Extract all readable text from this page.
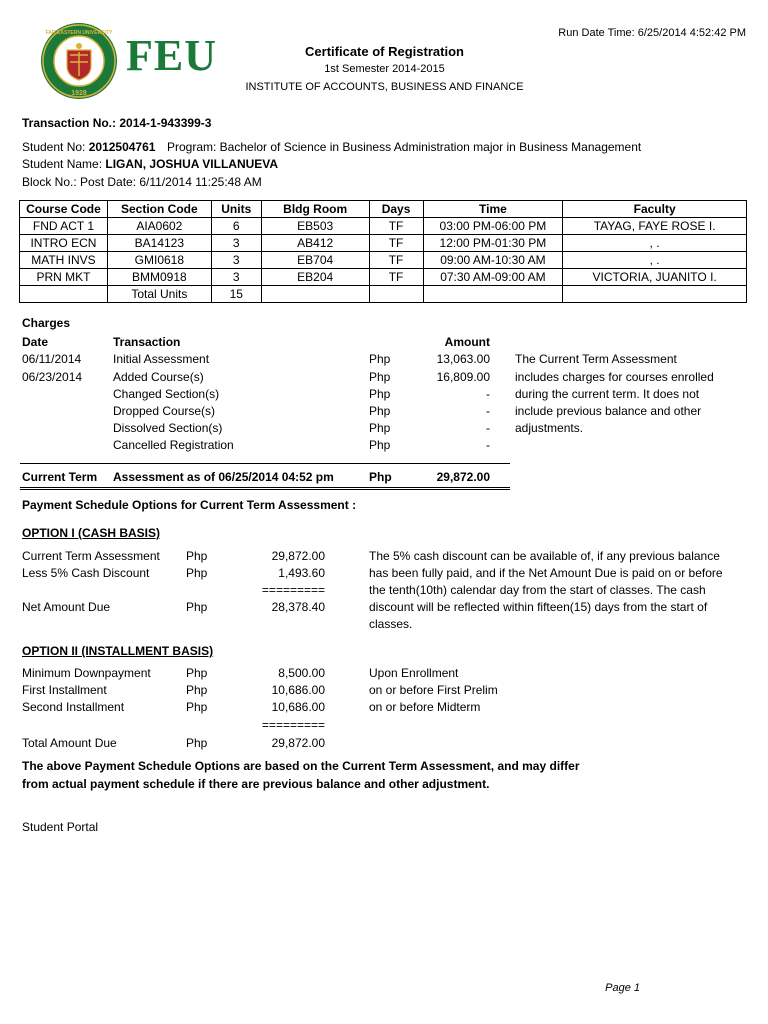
1928
FAR EASTERN UNIVERSITY FEU	Certificate of Registration
1st Semester 2014-2015
INSTITUTE OF ACCOUNTS, BUSINESS AND FINANCE
Run Date Time: 6/25/2014 4:52:42 PM
Transaction No.: 2014-1-943399-3
Student No: 2012504761 Program: Bachelor of Science in Business Administration major in Business Management
Student Name: LIGAN, JOSHUA VILLANUEVA
Block No.: Post Date: 6/11/2014 11:25:48 AM
Course Code	Section Code	Units	Bldg Room	Days	Time	Faculty
FND ACT 1	AIA0602	6	EB503	TF	03:00 PM-06:00 PM	TAYAG, FAYE ROSE I.
INTRO ECN	BA14123	3	AB412	TF	12:00 PM-01:30 PM	, .
MATH INVS	GMI0618	3	EB704	TF	09:00 AM-10:30 AM	, .
PRN MKT	BMM0918	3	EB204	TF	07:30 AM-09:00 AM	VICTORIA, JUANITO I.
	Total Units	15				
Charges
Date	Transaction	Amount
06/11/2014	Initial Assessment	Php	13,063.00
06/23/2014	Added Course(s)	Php	16,809.00
Changed Section(s)	Php	-
Dropped Course(s)	Php	-
Dissolved Section(s)	Php	-
Cancelled Registration	Php	-
The Current Term Assessment
includes charges for courses enrolled
during the current term. It does not
include previous balance and other
adjustments.
Current Term Assessment as of 06/25/2014 04:52 pm	Php	29,872.00
Payment Schedule Options for Current Term Assessment :
OPTION I (CASH BASIS)
Current Term Assessment Php	29,872.00
Less 5% Cash Discount	Php	1,493.60
=========
Net Amount Due	Php	28,378.40
The 5% cash discount can be available of, if any previous balance
has been fully paid, and if the Net Amount Due is paid on or before
the tenth(10th) calendar day from the start of classes. The cash
discount will be reflected within fifteen(15) days from the start of
classes.
OPTION II (INSTALLMENT BASIS)
Minimum Downpayment	Php	8,500.00	Upon Enrollment
First Installment	Php	10,686.00	on or before First Prelim
Second Installment	Php	10,686.00	on or before Midterm
=========
Total Amount Due	Php	29,872.00
The above Payment Schedule Options are based on the Current Term Assessment, and may differ
from actual payment schedule if there are previous balance and other adjustment.
Student Portal
Page 1
